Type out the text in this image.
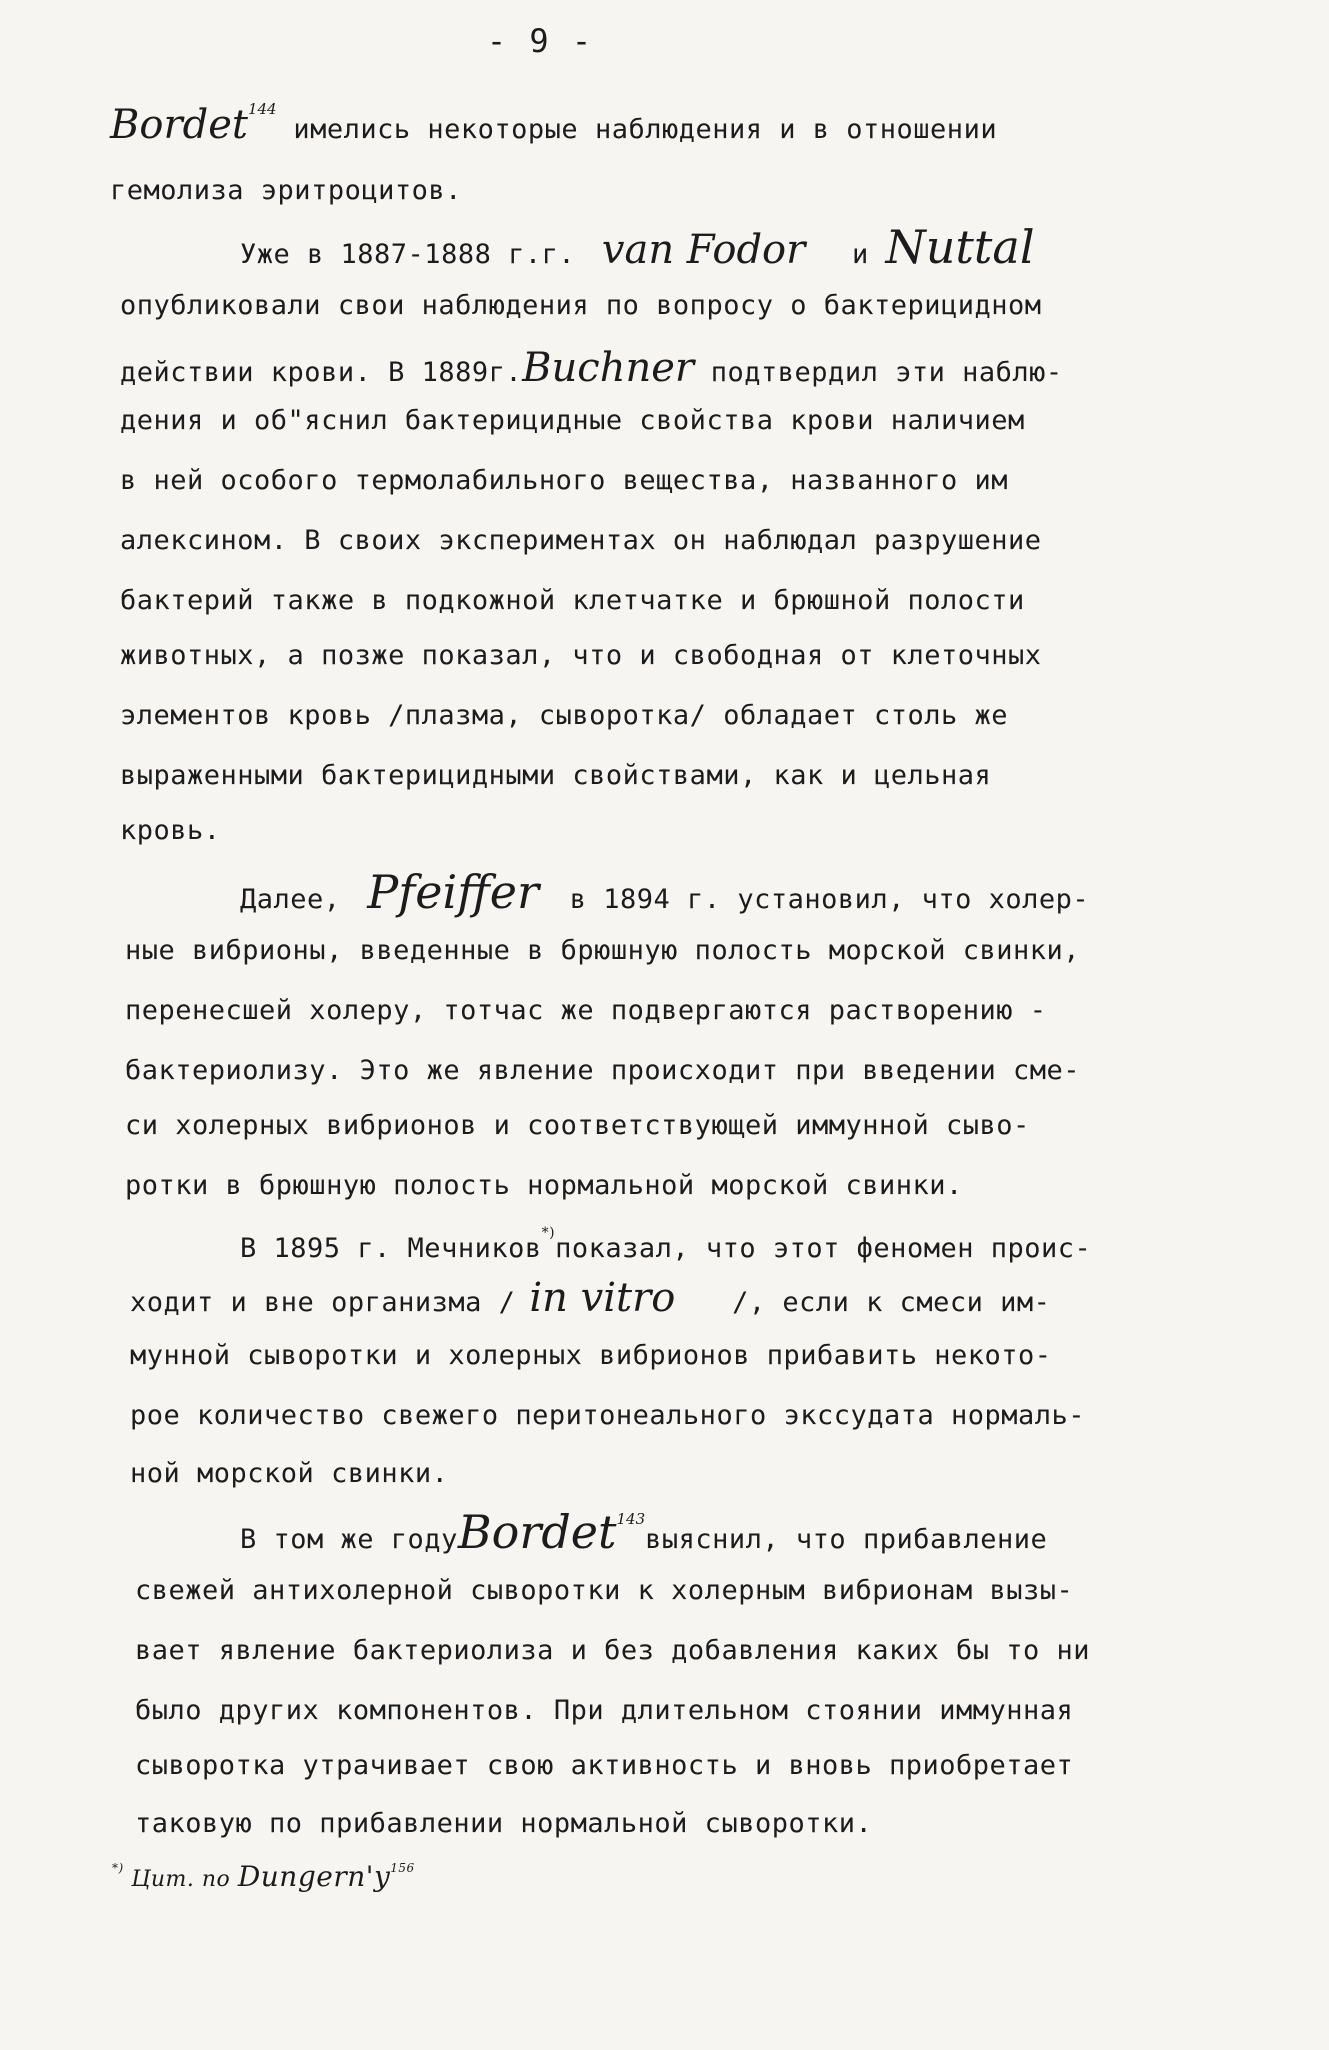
- 9 -
Bordet$^{144}$ имелись некоторые наблюдения и в отношении
гемолиза эритроцитов.
Уже в 1887-1888 г.г. van Fodor и Nuttal
опубликовали свои наблюдения по вопросу о бактерицидном
действии крови. В 1889г.Buchner подтвердил эти наблю-
дения и об"яснил бактерицидные свойства крови наличием
в ней особого термолабильного вещества, названного им
алексином. В своих экспериментах он наблюдал разрушение
бактерий также в подкожной клетчатке и брюшной полости
животных, а позже показал, что и свободная от клеточных
элементов кровь /плазма, сыворотка/ обладает столь же
выраженными бактерицидными свойствами, как и цельная
кровь.
Далее, Pfeiffer в 1894 г. установил, что холер-
ные вибрионы, введенные в брюшную полость морской свинки,
перенесшей холеру, тотчас же подвергаются растворению -
бактериолизу. Это же явление происходит при введении сме-
си холерных вибрионов и соответствующей иммунной сыво-
ротки в брюшную полость нормальной морской свинки.
В 1895 г. Мечников*)показал, что этот феномен проис-
ходит и вне организма / in vitro /, если к смеси им-
мунной сыворотки и холерных вибрионов прибавить некото-
рое количество свежего перитонеального экссудата нормаль-
ной морской свинки.
В том же годуBordet$^{143}$выяснил, что прибавление
свежей антихолерной сыворотки к холерным вибрионам вызы-
вает явление бактериолиза и без добавления каких бы то ни
было других компонентов. При длительном стоянии иммунная
сыворотка утрачивает свою активность и вновь приобретает
таковую по прибавлении нормальной сыворотки.
*) Цит. по $Dungern'y^{156}$
